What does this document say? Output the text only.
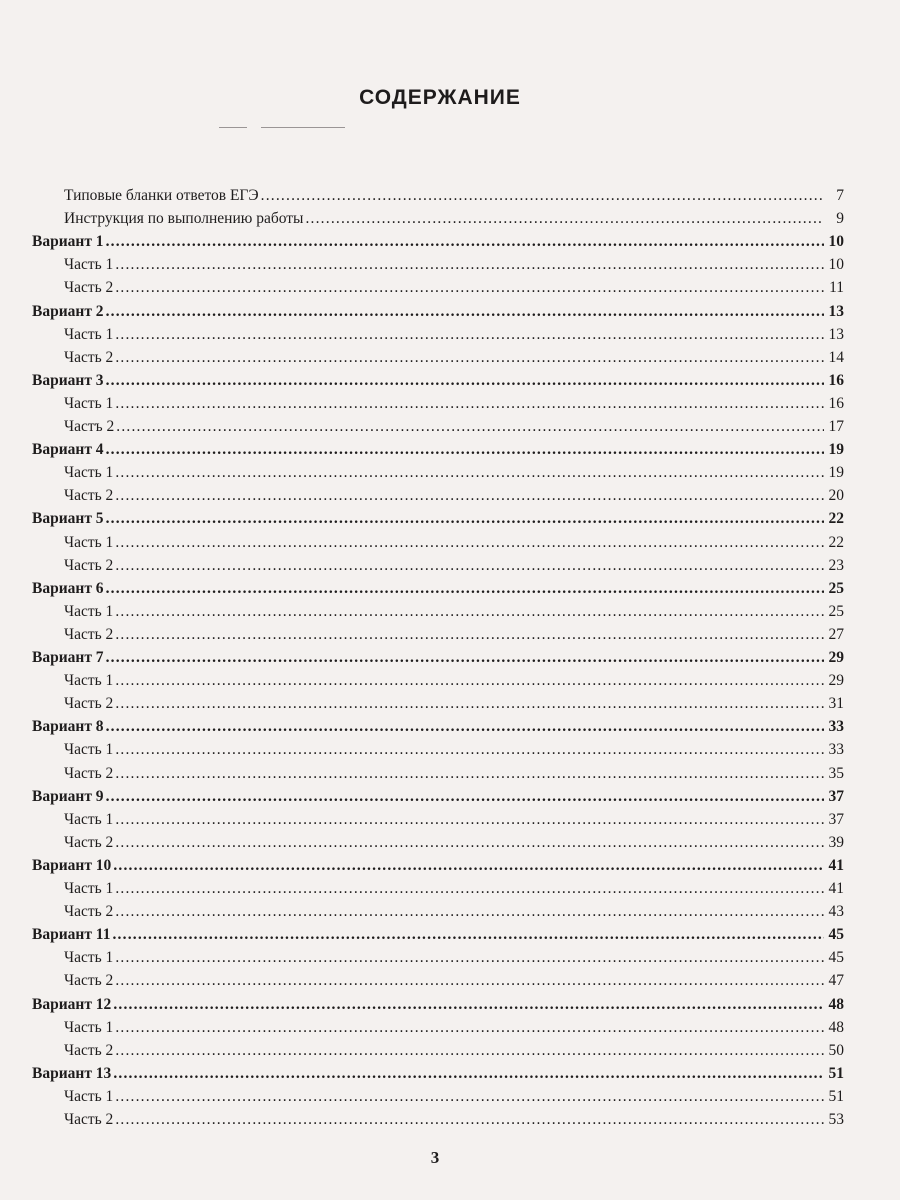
СОДЕРЖАНИЕ
Типовые бланки ответов ЕГЭ .....	7
Инструкция по выполнению работы .....	9
Вариант 1 .....	10
Часть 1 .....	10
Часть 2 .....	11
Вариант 2 .....	13
Часть 1 .....	13
Часть 2 .....	14
Вариант 3 .....	16
Часть 1 .....	16
Частъ 2 .....	17
Вариант 4 .....	19
Часть 1 .....	19
Часть 2 .....	20
Вариант 5 .....	22
Часть 1 .....	22
Часть 2 .....	23
Вариант 6 .....	25
Часть 1 .....	25
Часть 2 .....	27
Вариант 7 .....	29
Часть 1 .....	29
Часть 2 .....	31
Вариант 8 .....	33
Часть 1 .....	33
Часть 2 .....	35
Вариант 9 .....	37
Часть 1 .....	37
Часть 2 .....	39
Вариант 10 .....	41
Часть 1 .....	41
Часть 2 .....	43
Вариант 11 .....	45
Часть 1 .....	45
Часть 2 .....	47
Вариант 12 .....	48
Часть 1 .....	48
Часть 2 .....	50
Вариант 13 .....	51
Часть 1 .....	51
Часть 2 .....	53
3
